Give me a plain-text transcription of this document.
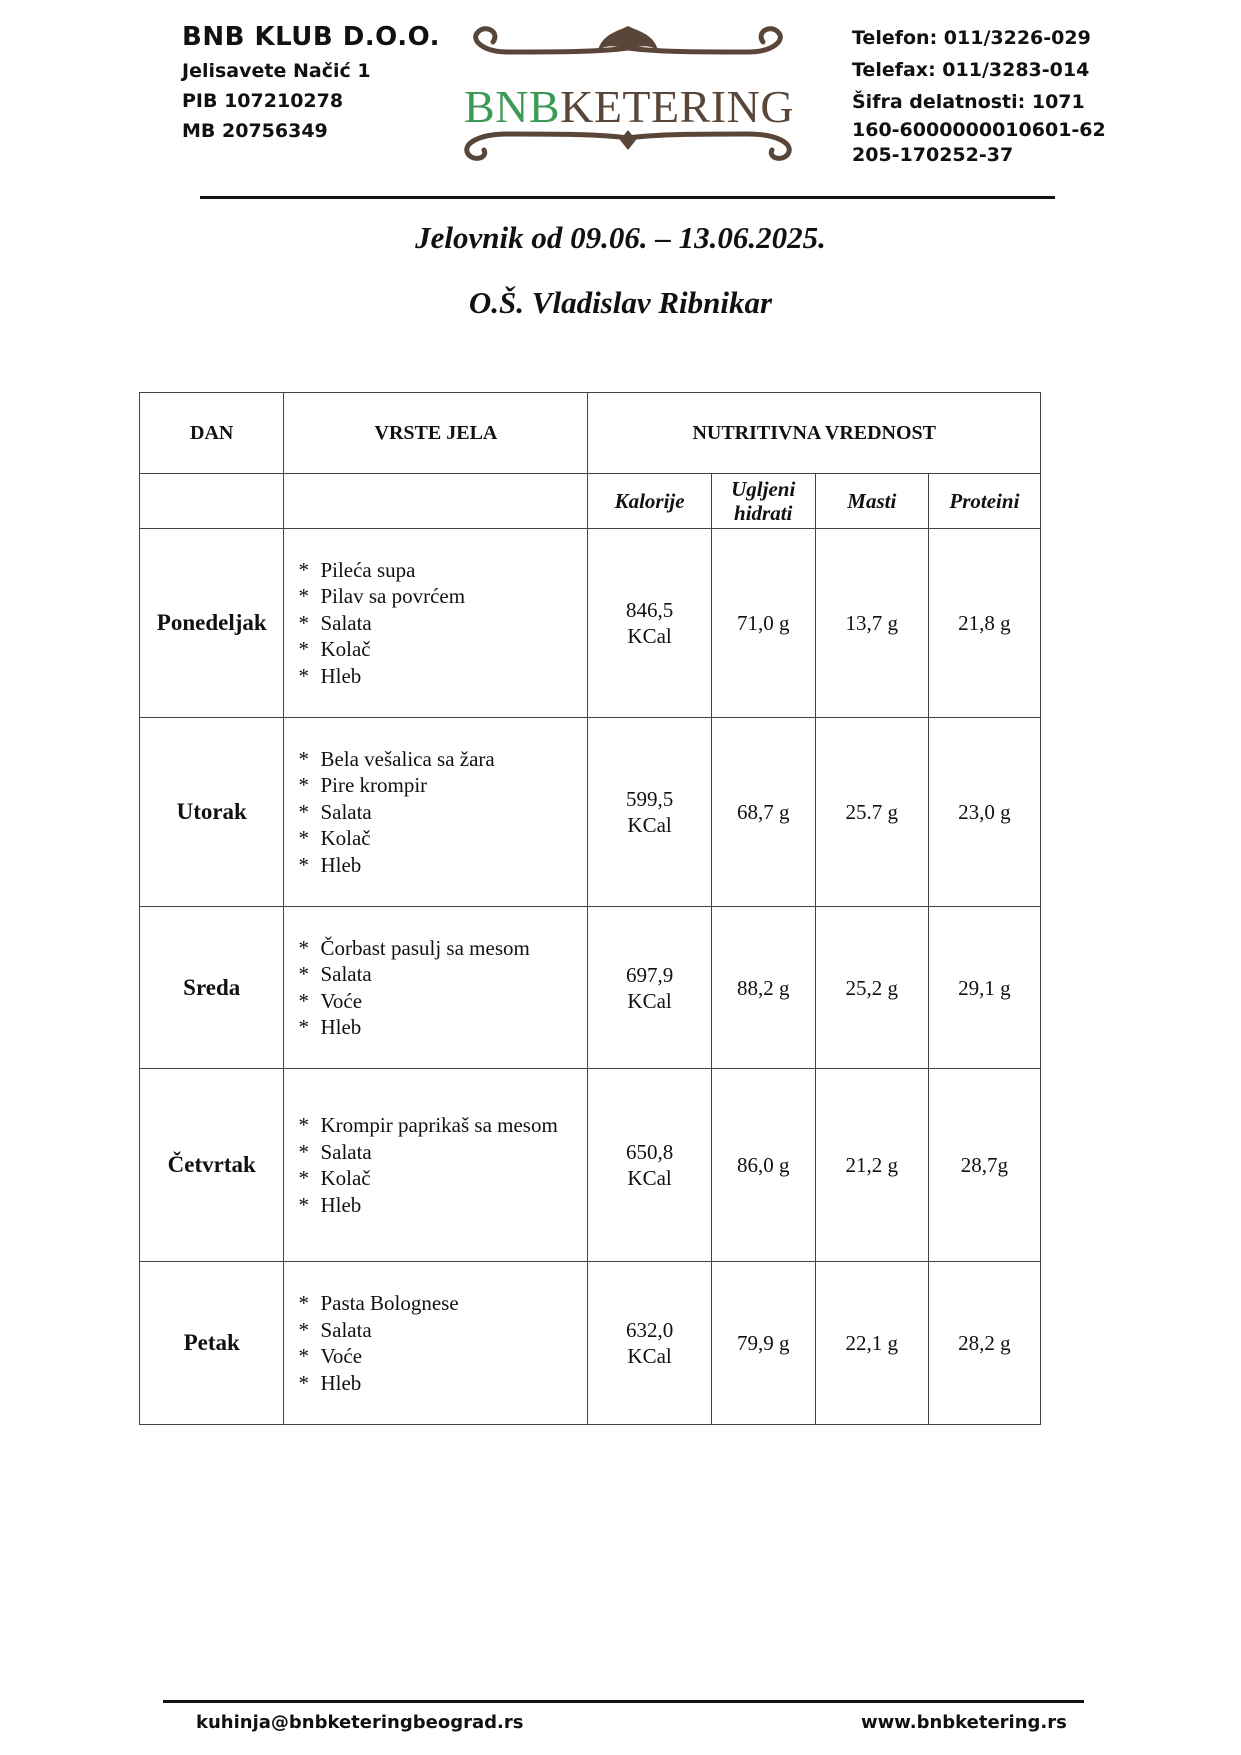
BNB KLUB D.O.O.
Jelisavete Načić 1
PIB 107210278
MB 20756349	BNBKETERING
Telefon: 011/3226-029
Telefax: 011/3283-014
Šifra delatnosti: 1071
160-6000000010601-62
205-170252-37
Jelovnik od 09.06. – 13.06.2025.
O.Š. Vladislav Ribnikar
DAN	VRSTE JELA	NUTRITIVNA VREDNOST			
		Kalorije	Ugljeni hidrati	Masti	Proteini
Ponedeljak	* Pileća supa
* Pilav sa povrćem
* Salata
* Kolač
* Hleb	846,5 KCal	71,0 g	13,7 g	21,8 g
Utorak	* Bela vešalica sa žara
* Pire krompir
* Salata
* Kolač
* Hleb	599,5 KCal	68,7 g	25.7 g	23,0 g
Sreda	* Čorbast pasulj sa mesom
* Salata
* Voće
* Hleb	697,9 KCal	88,2 g	25,2 g	29,1 g
Četvrtak	* Krompir paprikaš sa mesom
* Salata
* Kolač
* Hleb	650,8 KCal	86,0 g	21,2 g	28,7g
Petak	* Pasta Bolognese
* Salata
* Voće
* Hleb	632,0 KCal	79,9 g	22,1 g	28,2 g
kuhinja@bnbketeringbeograd.rs	www.bnbketering.rs
